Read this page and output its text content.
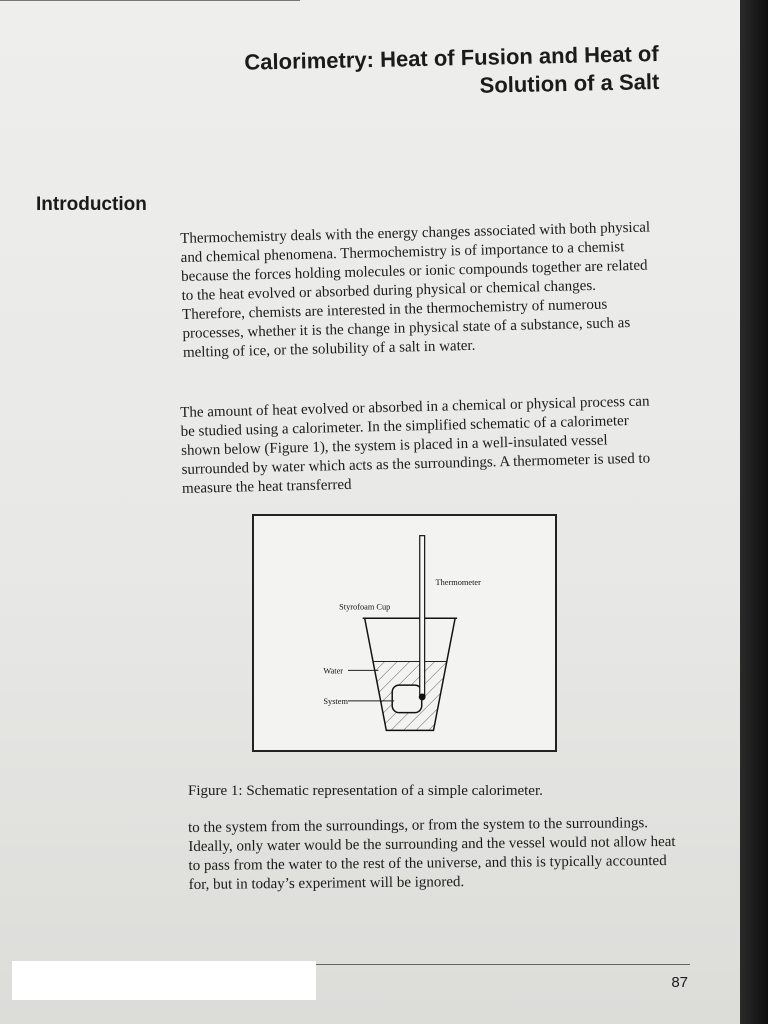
Calorimetry: Heat of Fusion and Heat of
Solution of a Salt
Introduction

Thermochemistry deals with the energy changes associated with both physical and chemical phenomena. Thermochemistry is of importance to a chemist because the forces holding molecules or ionic compounds together are related to the heat evolved or absorbed during physical or chemical changes. Therefore, chemists are interested in the thermochemistry of numerous processes, whether it is the change in physical state of a substance, such as melting of ice, or the solubility of a salt in water.

The amount of heat evolved or absorbed in a chemical or physical process can be studied using a calorimeter. In the simplified schematic of a calorimeter shown below (Figure 1), the system is placed in a well-insulated vessel surrounded by water which acts as the surroundings. A thermometer is used to measure the heat transferred

Thermometer
Styrofoam Cup
Water
System

Figure 1: Schematic representation of a simple calorimeter.

to the system from the surroundings, or from the system to the surroundings. Ideally, only water would be the surrounding and the vessel would not allow heat to pass from the water to the rest of the universe, and this is typically accounted for, but in today’s experiment will be ignored.

87
